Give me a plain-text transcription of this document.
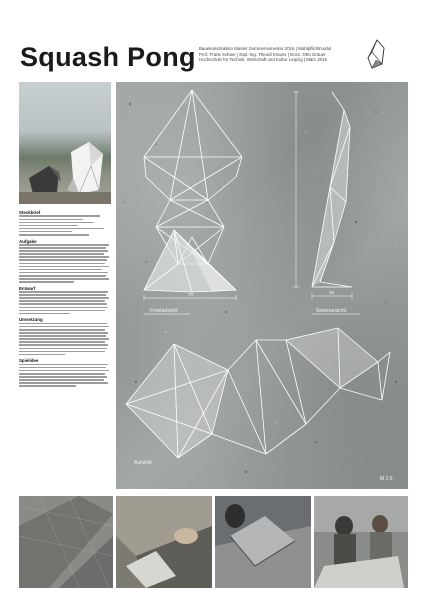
Squash Pong Bauekonstruktion Master Sommersemester 2016 | Wahlpflichtmodul
Prof. Frank Schaer | Dipl.-Ing. Theodl Krauss | M.Sc. Otto Grauer
Hochschule für Technik, Wirtschaft und Kultur Leipzig | März 2016
Steckbrief
Aufgabe
Entwurf
Umsetzung
Spielidee
70
Frontansicht
25
Seitenansicht
Aufsicht
M 1:5
